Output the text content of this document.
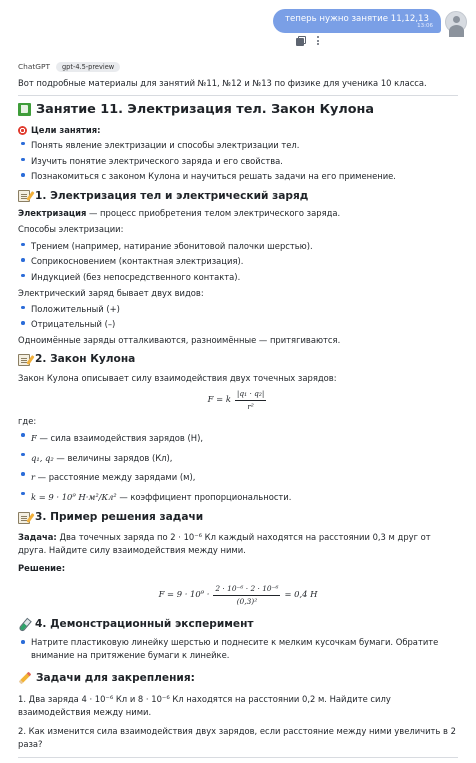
теперь нужно занятие 11,12,13
13:06
ChatGPT	gpt-4.5-preview
Вот подробные материалы для занятий №11, №12 и №13 по физике для ученика 10 класса.
Занятие 11. Электризация тел. Закон Кулона
Цели занятия:
Понять явление электризации и способы электризации тел.
Изучить понятие электрического заряда и его свойства.
Познакомиться с законом Кулона и научиться решать задачи на его применение.
1. Электризация тел и электрический заряд
Электризация — процесс приобретения телом электрического заряда.
Способы электризации:
Трением (например, натирание эбонитовой палочки шерстью).
Соприкосновением (контактная электризация).
Индукцией (без непосредственного контакта).
Электрический заряд бывает двух видов:
Положительный (+)
Отрицательный (–)
Одноимённые заряды отталкиваются, разноимённые — притягиваются.
2. Закон Кулона
Закон Кулона описывает силу взаимодействия двух точечных зарядов:
F = k $\frac{\text{|q₁ · q₂|}}{\text{r²}}$
где:
F — сила взаимодействия зарядов (Н),
q₁, q₂ — величины зарядов (Кл),
r — расстояние между зарядами (м),
k = 9 · 10⁹ Н·м²/Кл² — коэффициент пропорциональности.
3. Пример решения задачи
Задача: Два точечных заряда по 2 · 10⁻⁶ Кл каждый находятся на расстоянии 0,3 м друг от друга. Найдите силу взаимодействия между ними.
Решение:
$F = 9 \cdot 10^9 \cdot \frac{\text{2 · 10⁻⁶ · 2 · 10⁻⁶}}{\text{(0,3)²}} = 0,4$ Н
4. Демонстрационный эксперимент
Натрите пластиковую линейку шерстью и поднесите к мелким кусочкам бумаги. Обратите внимание на притяжение бумаги к линейке.
Задачи для закрепления:
1. Два заряда 4 · 10⁻⁶ Кл и 8 · 10⁻⁶ Кл находятся на расстоянии 0,2 м. Найдите силу взаимодействия между ними.
2. Как изменится сила взаимодействия двух зарядов, если расстояние между ними увеличить в 2 раза?
